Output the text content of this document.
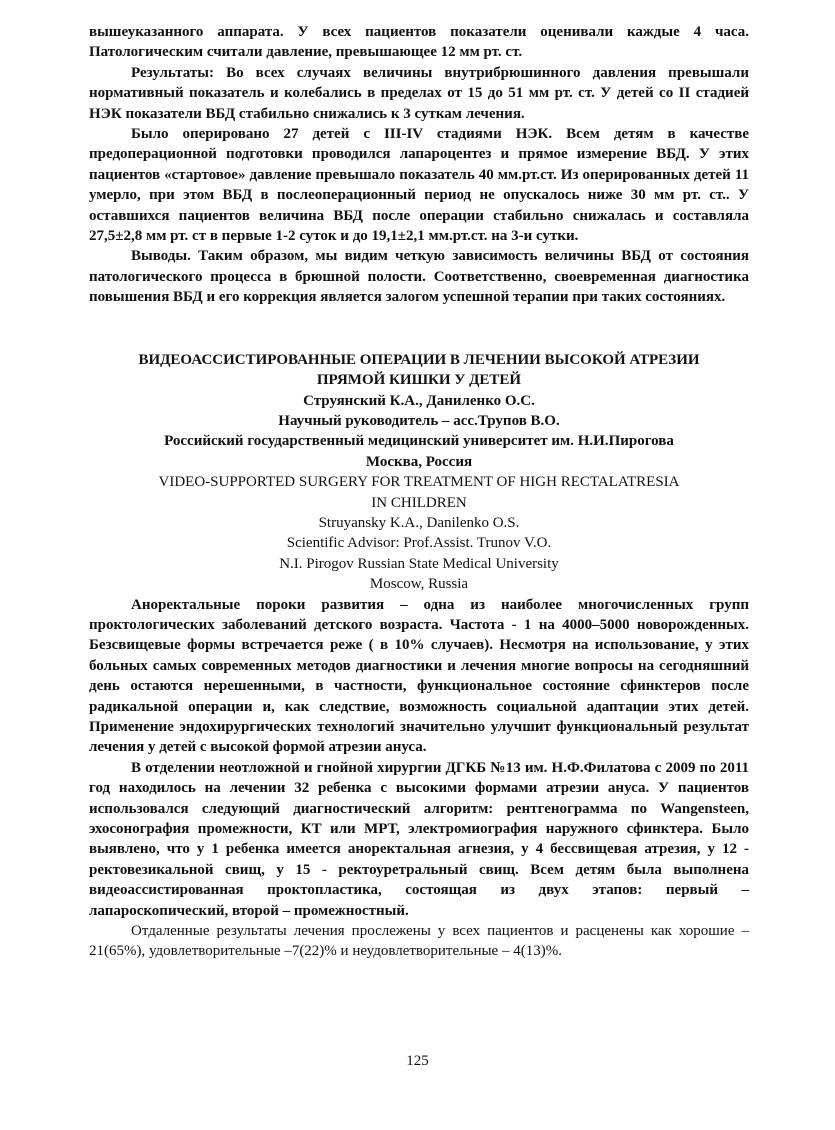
вышеуказанного аппарата. У всех пациентов показатели оценивали каждые 4 часа. Патологическим считали давление, превышающее 12 мм рт. ст.

Результаты: Во всех случаях величины внутрибрюшинного давления превышали нормативный показатель и колебались в пределах от 15 до 51 мм рт. ст. У детей со II стадией НЭК показатели ВБД стабильно снижались к 3 суткам лечения.

Было оперировано 27 детей с III-IV стадиями НЭК. Всем детям в качестве предоперационной подготовки проводился лапароцентез и прямое измерение ВБД. У этих пациентов «стартовое» давление превышало показатель 40 мм.рт.ст. Из оперированных детей 11 умерло, при этом ВБД в послеоперационный период не опускалось ниже 30 мм рт. ст.. У оставшихся пациентов величина ВБД после операции стабильно снижалась и составляла 27,5±2,8 мм рт. ст в первые 1-2 суток и до 19,1±2,1 мм.рт.ст. на 3-и сутки.

Выводы. Таким образом, мы видим четкую зависимость величины ВБД от состояния патологического процесса в брюшной полости. Соответственно, своевременная диагностика повышения ВБД и его коррекция является залогом успешной терапии при таких состояниях.

ВИДЕОАССИСТИРОВАННЫЕ ОПЕРАЦИИ В ЛЕЧЕНИИ ВЫСОКОЙ АТРЕЗИИ

ПРЯМОЙ КИШКИ У ДЕТЕЙ

Струянский К.А., Даниленко О.С.

Научный руководитель – асс.Трупов В.О.

Российский государственный медицинский университет им. Н.И.Пирогова

Москва, Россия

VIDEO-SUPPORTED SURGERY FOR TREATMENT OF HIGH RECTALATRESIA

IN CHILDREN

Struyansky K.A., Danilenko O.S.

Scientific Advisor: Prof.Assist. Trunov V.O.

N.I. Pirogov Russian State Medical University

Moscow, Russia

Аноректальные пороки развития – одна из наиболее многочисленных групп проктологических заболеваний детского возраста. Частота - 1 на 4000–5000 новорожденных. Безсвищевые формы встречается реже ( в 10% случаев). Несмотря на использование, у этих больных самых современных методов диагностики и лечения многие вопросы на сегодняшний день остаются нерешенными, в частности, функциональное состояние сфинктеров после радикальной операции и, как следствие, возможность социальной адаптации этих детей. Применение эндохирургических технологий значительно улучшит функциональный результат лечения у детей с высокой формой атрезии ануса.

В отделении неотложной и гнойной хирургии ДГКБ №13 им. Н.Ф.Филатова с 2009 по 2011 год находилось на лечении 32 ребенка с высокими формами атрезии ануса. У пациентов использовался следующий диагностический алгоритм: рентгенограмма по Wangensteen, эхосонография промежности, КТ или МРТ, электромиография наружного сфинктера. Было выявлено, что у 1 ребенка имеется аноректальная агнезия, у 4 бессвищевая атрезия, у 12 - ректовезикальной свищ, у 15 - ректоуретральный свищ. Всем детям была выполнена видеоассистированная проктопластика, состоящая из двух этапов: первый – лапароскопический, второй – промежностный.

Отдаленные результаты лечения прослежены у всех пациентов и расценены как хорошие – 21(65%), удовлетворительные –7(22)% и неудовлетворительные – 4(13)%.

125
